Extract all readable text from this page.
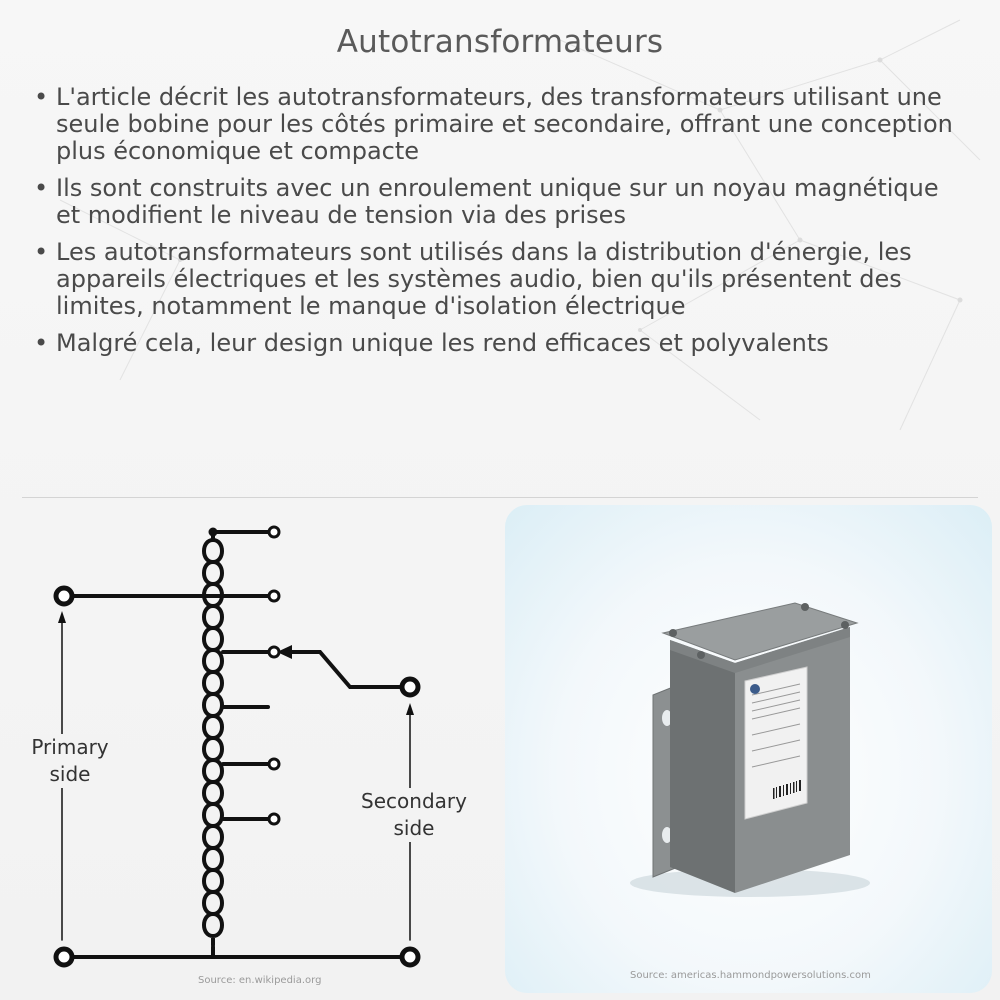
Autotransformateurs
• L'article décrit les autotransformateurs, des transformateurs utilisant une seule bobine pour les côtés primaire et secondaire, offrant une conception plus économique et compacte
• Ils sont construits avec un enroulement unique sur un noyau magnétique et modifient le niveau de tension via des prises
• Les autotransformateurs sont utilisés dans la distribution d'énergie, les appareils électriques et les systèmes audio, bien qu'ils présentent des limites, notamment le manque d'isolation électrique
• Malgré cela, leur design unique les rend efficaces et polyvalents
Primary
side
Secondary
side
Source: en.wikipedia.org	Source: americas.hammondpowersolutions.com
